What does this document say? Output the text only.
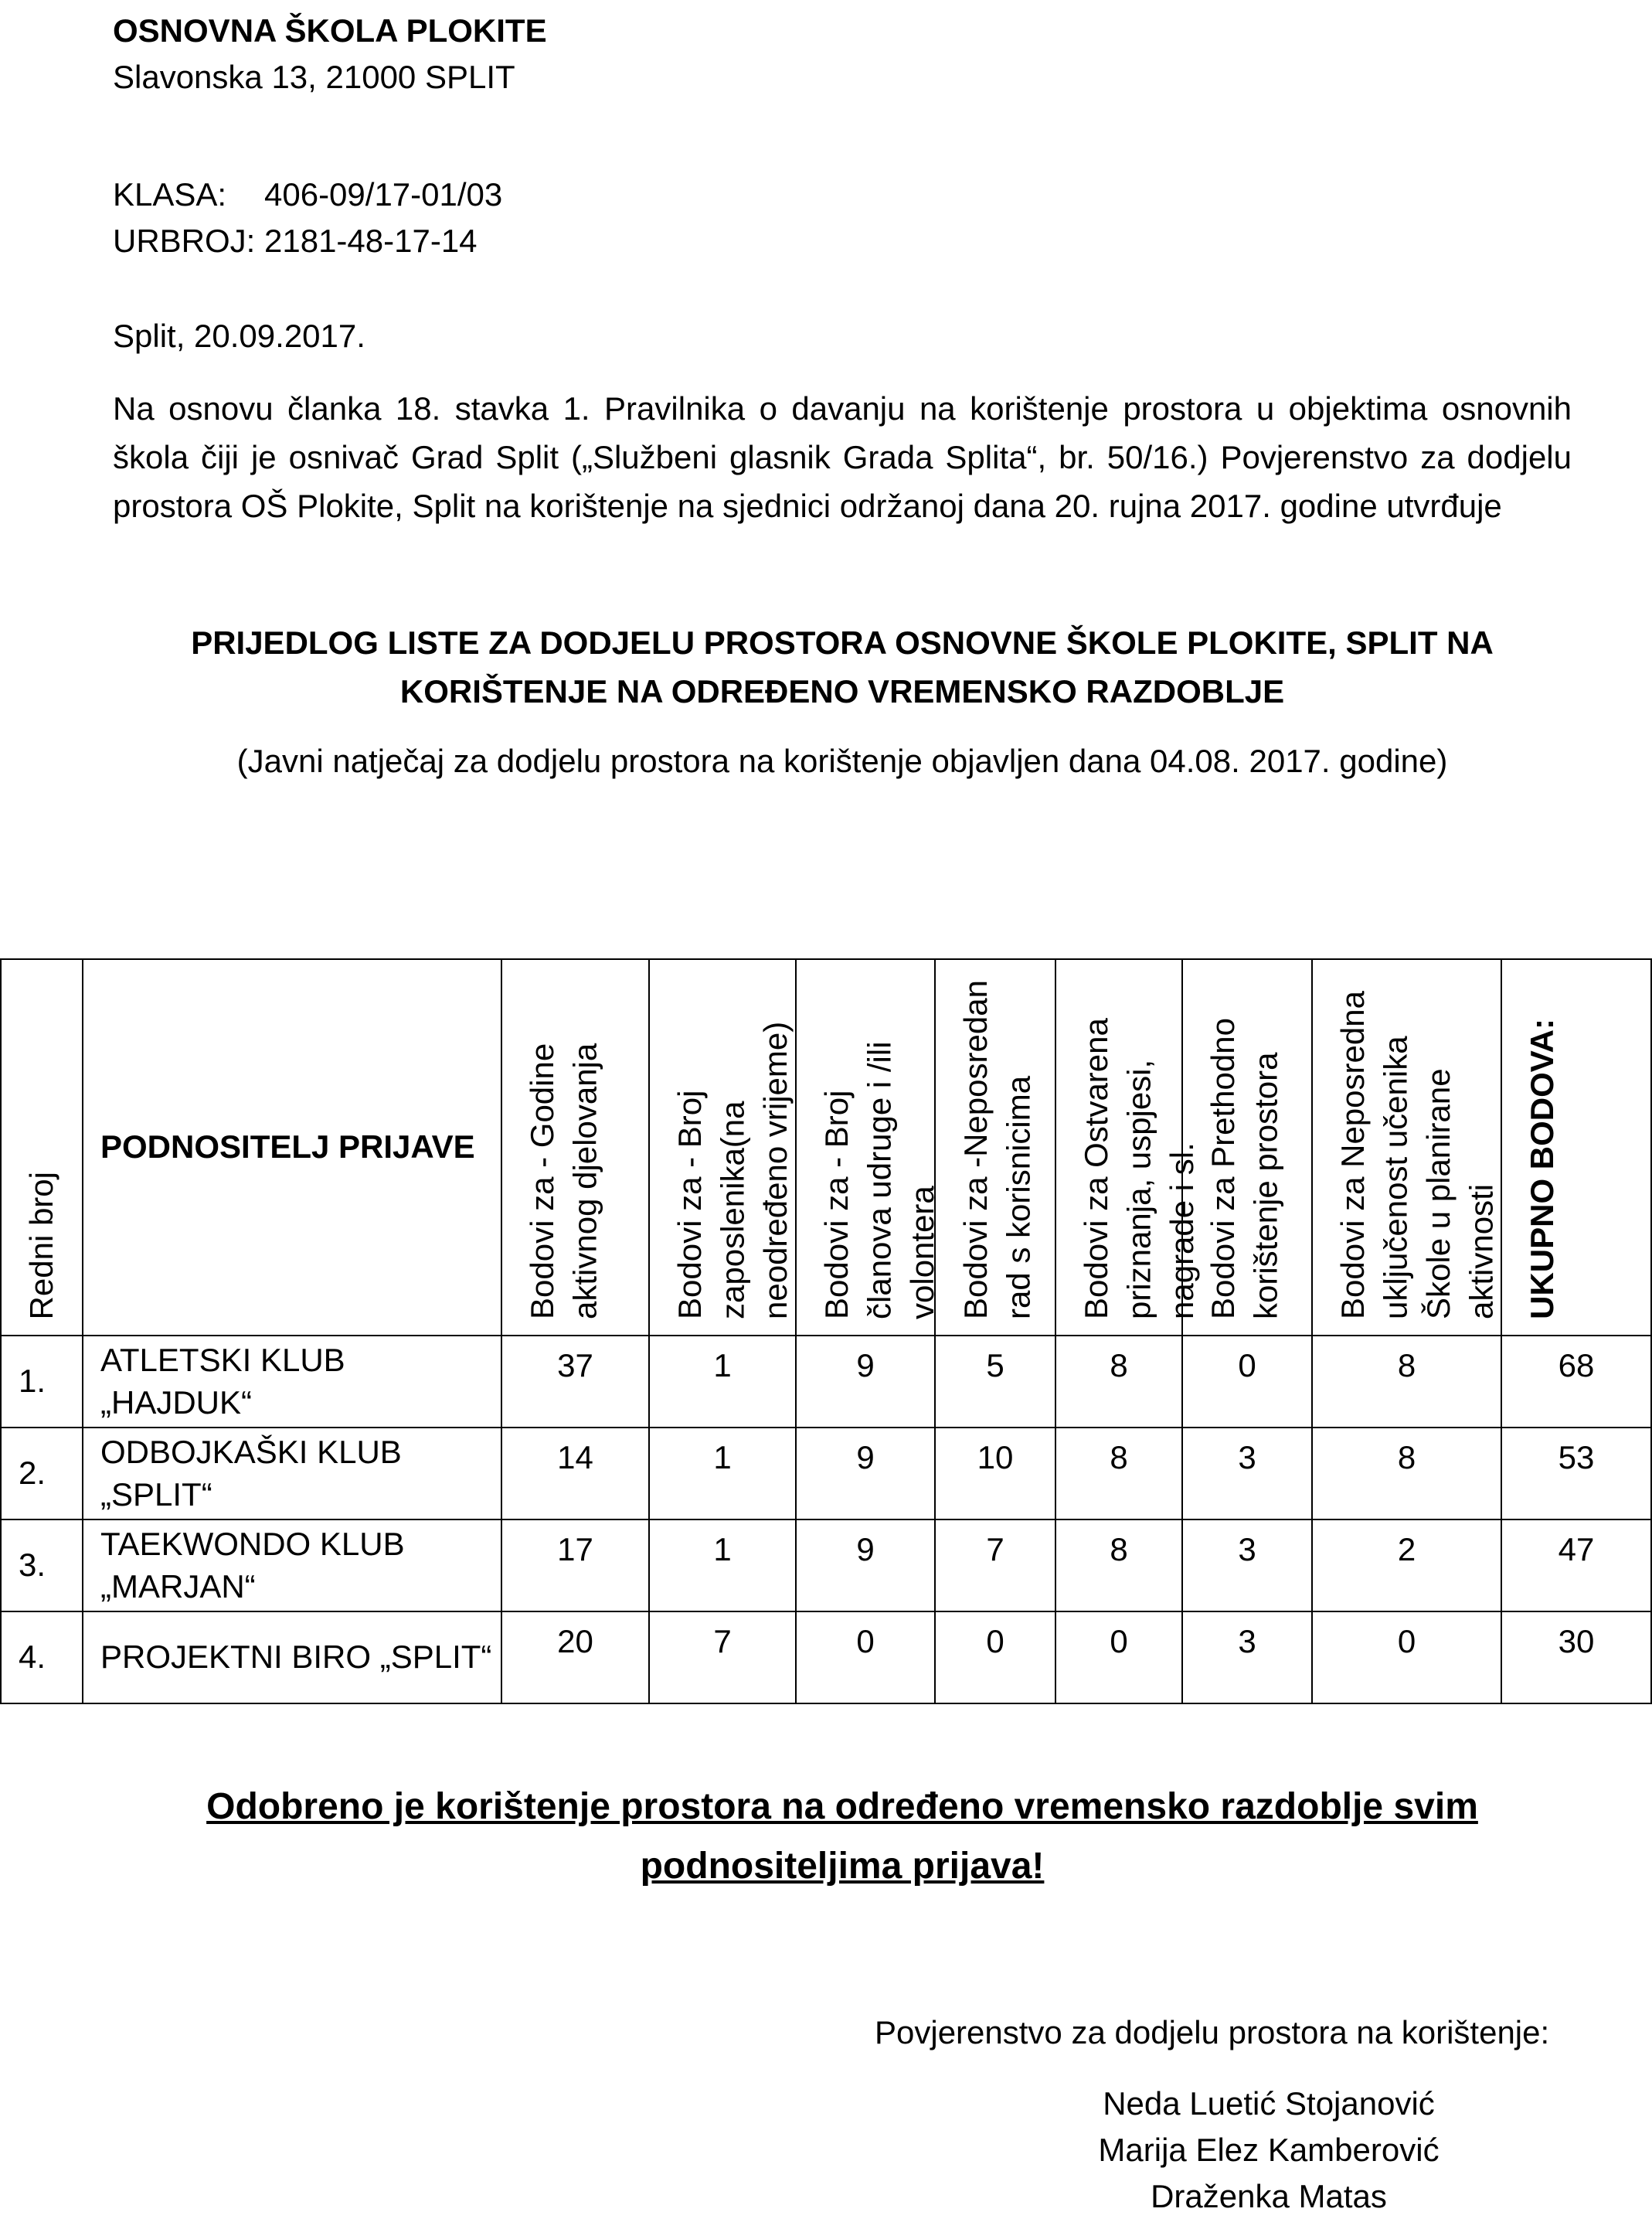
OSNOVNA ŠKOLA PLOKITE
Slavonska 13, 21000 SPLIT
KLASA: 406-09/17-01/03
URBROJ: 2181-48-17-14
Split, 20.09.2017.
Na osnovu članka 18. stavka 1. Pravilnika o davanju na korištenje prostora u objektima osnovnih škola čiji je osnivač Grad Split („Službeni glasnik Grada Splita“, br. 50/16.) Povjerenstvo za dodjelu prostora OŠ Plokite, Split na korištenje na sjednici održanoj dana 20. rujna 2017. godine utvrđuje
PRIJEDLOG LISTE ZA DODJELU PROSTORA OSNOVNE ŠKOLE PLOKITE, SPLIT NA KORIŠTENJE NA ODREĐENO VREMENSKO RAZDOBLJE
(Javni natječaj za dodjelu prostora na korištenje objavljen dana 04.08. 2017. godine)
Redni broj	PODNOSITELJ PRIJAVE	Bodovi za - Godine aktivnog djelovanja	Bodovi za - Broj zaposlenika(na neodređeno vrijeme)	Bodovi za - Broj članova udruge i /ili volontera	Bodovi za -Neposredan rad s korisnicima	Bodovi za Ostvarena priznanja, uspjesi, nagrade i sl.	Bodovi za Prethodno korištenje prostora	Bodovi za Neposredna uključenost učenika Škole u planirane aktivnosti	UKUPNO BODOVA:

1.	ATLETSKI KLUB „HAJDUK“	37	1	9	5	8	0	8	68
2.	ODBOJKAŠKI KLUB „SPLIT“	14	1	9	10	8	3	8	53
3.	TAEKWONDO KLUB „MARJAN“	17	1	9	7	8	3	2	47
4.	PROJEKTNI BIRO „SPLIT“	20	7	0	0	0	3	0	30
Odobreno je korištenje prostora na određeno vremensko razdoblje svim podnositeljima prijava!
Povjerenstvo za dodjelu prostora na korištenje:
Neda Luetić Stojanović
Marija Elez Kamberović
Draženka Matas
